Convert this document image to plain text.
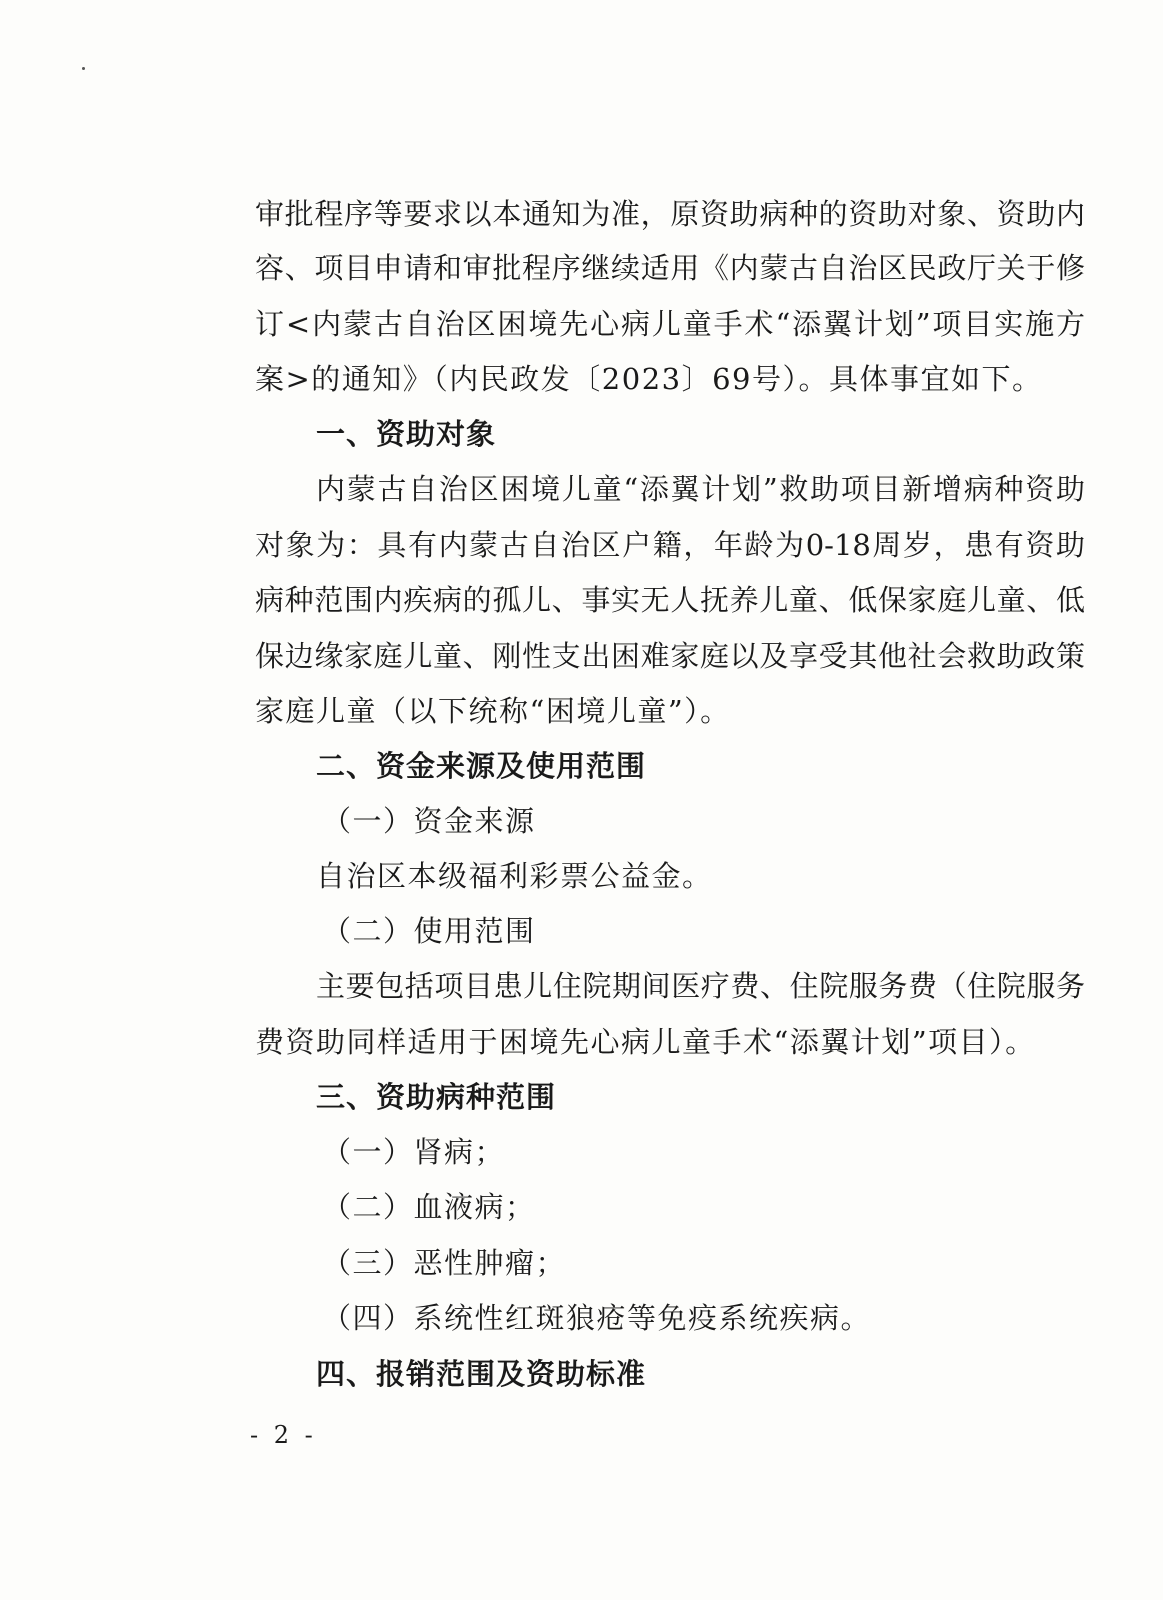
审批程序等要求以本通知为准，原资助病种的资助对象、资助内
容、项目申请和审批程序继续适用《内蒙古自治区民政厅关于修
订<内蒙古自治区困境先心病儿童手术“添翼计划”项目实施方
案>的通知》（内民政发〔2023〕69号）。具体事宜如下。
一、资助对象
内蒙古自治区困境儿童“添翼计划”救助项目新增病种资助
对象为：具有内蒙古自治区户籍，年龄为0-18周岁，患有资助
病种范围内疾病的孤儿、事实无人抚养儿童、低保家庭儿童、低
保边缘家庭儿童、刚性支出困难家庭以及享受其他社会救助政策
家庭儿童（以下统称“困境儿童”）。
二、资金来源及使用范围
（一）资金来源
自治区本级福利彩票公益金。
（二）使用范围
主要包括项目患儿住院期间医疗费、住院服务费（住院服务
费资助同样适用于困境先心病儿童手术“添翼计划”项目）。
三、资助病种范围
（一）肾病；
（二）血液病；
（三）恶性肿瘤；
（四）系统性红斑狼疮等免疫系统疾病。
四、报销范围及资助标准
- 2 -
